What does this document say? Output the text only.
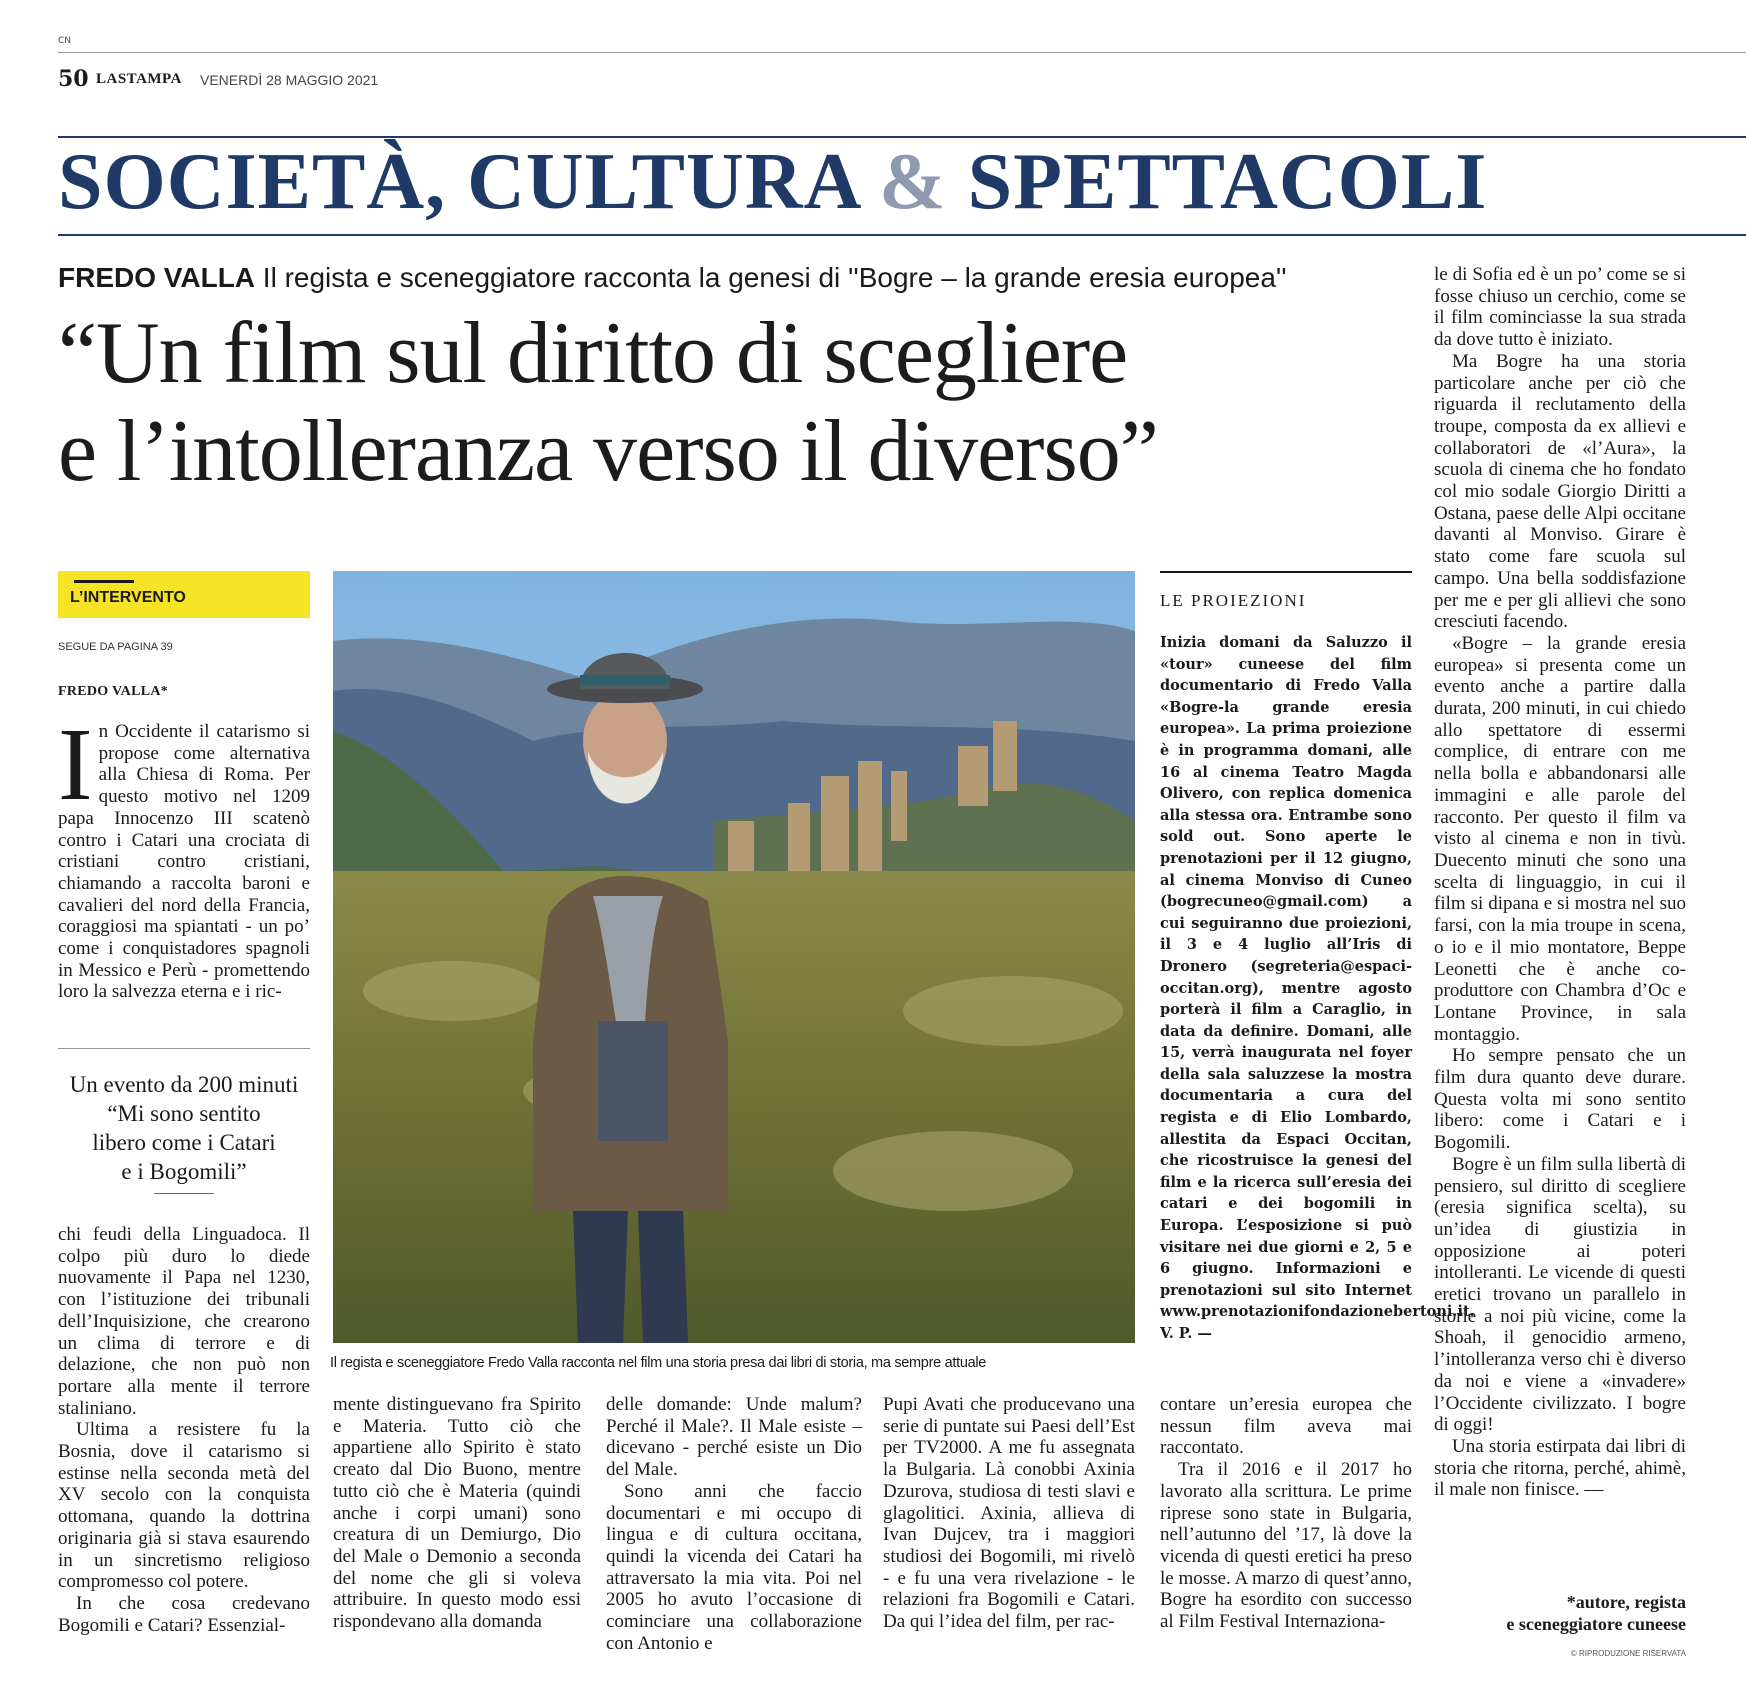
CN
50 LASTAMPA VENERDÌ 28 MAGGIO 2021
SOCIETÀ, CULTURA & SPETTACOLI
FREDO VALLA Il regista e sceneggiatore racconta la genesi di ''Bogre – la grande eresia europea''
“Un film sul diritto di scegliere
e l’intolleranza verso il diverso”
L’INTERVENTO
SEGUE DA PAGINA 39
FREDO VALLA*

In Occidente il catarismo si propose come alternativa alla Chiesa di Roma. Per questo motivo nel 1209 papa Innocenzo III scatenò contro i Catari una crociata di cristiani contro cristiani, chiamando a raccolta baroni e cavalieri del nord della Francia, coraggiosi ma spiantati - un po’ come i conquistadores spagnoli in Messico e Perù - promettendo loro la salvezza eterna e i ric-

Un evento da 200 minuti
“Mi sono sentito
libero come i Catari
e i Bogomili”

chi feudi della Linguadoca. Il colpo più duro lo diede nuovamente il Papa nel 1230, con l’istituzione dei tribunali dell’Inquisizione, che crearono un clima di terrore e di delazione, che non può non portare alla mente il terrore staliniano.

Ultima a resistere fu la Bosnia, dove il catarismo si estinse nella seconda metà del XV secolo con la conquista ottomana, quando la dottrina originaria già si stava esaurendo in un sincretismo religioso compromesso col potere.

In che cosa credevano Bogomili e Catari? Essenzial-

Il regista e sceneggiatore Fredo Valla racconta nel film una storia presa dai libri di storia, ma sempre attuale

mente distinguevano fra Spirito e Materia. Tutto ciò che appartiene allo Spirito è stato creato dal Dio Buono, mentre tutto ciò che è Materia (quindi anche i corpi umani) sono creatura di un Demiurgo, Dio del Male o Demonio a seconda del nome che gli si voleva attribuire. In questo modo essi rispondevano alla domanda

delle domande: Unde malum? Perché il Male?. Il Male esiste – dicevano - perché esiste un Dio del Male.

Sono anni che faccio documentari e mi occupo di lingua e di cultura occitana, quindi la vicenda dei Catari ha attraversato la mia vita. Poi nel 2005 ho avuto l’occasione di cominciare una collaborazione con Antonio e

Pupi Avati che producevano una serie di puntate sui Paesi dell’Est per TV2000. A me fu assegnata la Bulgaria. Là conobbi Axinia Dzurova, studiosa di testi slavi e glagolitici. Axinia, allieva di Ivan Dujcev, tra i maggiori studiosi dei Bogomili, mi rivelò - e fu una vera rivelazione - le relazioni fra Bogomili e Catari. Da qui l’idea del film, per rac-

contare un’eresia europea che nessun film aveva mai raccontato.

Tra il 2016 e il 2017 ho lavorato alla scrittura. Le prime riprese sono state in Bulgaria, nell’autunno del ’17, là dove la vicenda di questi eretici ha preso le mosse. A marzo di quest’anno, Bogre ha esordito con successo al Film Festival Internaziona-

LE PROIEZIONI
Inizia domani da Saluzzo il «tour» cuneese del film documentario di Fredo Valla «Bogre-la grande eresia europea». La prima proiezione è in programma domani, alle 16 al cinema Teatro Magda Olivero, con replica domenica alla stessa ora. Entrambe sono sold out. Sono aperte le prenotazioni per il 12 giugno, al cinema Monviso di Cuneo (bogrecuneo@gmail.com) a cui seguiranno due proiezioni, il 3 e 4 luglio all’Iris di Dronero (segreteria@espaci-occitan.org), mentre agosto porterà il film a Caraglio, in data da definire. Domani, alle 15, verrà inaugurata nel foyer della sala saluzzese la mostra documentaria a cura del regista e di Elio Lombardo, allestita da Espaci Occitan, che ricostruisce la genesi del film e la ricerca sull’eresia dei catari e dei bogomili in Europa. L’esposizione si può visitare nei due giorni e 2, 5 e 6 giugno. Informazioni e prenotazioni sul sito Internet www.prenotazionifondazionebertoni.it. V. P. —

le di Sofia ed è un po’ come se si fosse chiuso un cerchio, come se il film cominciasse la sua strada da dove tutto è iniziato.

Ma Bogre ha una storia particolare anche per ciò che riguarda il reclutamento della troupe, composta da ex allievi e collaboratori de «l’Aura», la scuola di cinema che ho fondato col mio sodale Giorgio Diritti a Ostana, paese delle Alpi occitane davanti al Monviso. Girare è stato come fare scuola sul campo. Una bella soddisfazione per me e per gli allievi che sono cresciuti facendo.

«Bogre – la grande eresia europea» si presenta come un evento anche a partire dalla durata, 200 minuti, in cui chiedo allo spettatore di essermi complice, di entrare con me nella bolla e abbandonarsi alle immagini e alle parole del racconto. Per questo il film va visto al cinema e non in tivù. Duecento minuti che sono una scelta di linguaggio, in cui il film si dipana e si mostra nel suo farsi, con la mia troupe in scena, o io e il mio montatore, Beppe Leonetti che è anche co-produttore con Chambra d’Oc e Lontane Province, in sala montaggio.

Ho sempre pensato che un film dura quanto deve durare. Questa volta mi sono sentito libero: come i Catari e i Bogomili.

Bogre è un film sulla libertà di pensiero, sul diritto di scegliere (eresia significa scelta), su un’idea di giustizia in opposizione ai poteri intolleranti. Le vicende di questi eretici trovano un parallelo in storie a noi più vicine, come la Shoah, il genocidio armeno, l’intolleranza verso chi è diverso da noi e viene a «invadere» l’Occidente civilizzato. I bogre di oggi!

Una storia estirpata dai libri di storia che ritorna, perché, ahimè, il male non finisce. —

*autore, regista
e sceneggiatore cuneese
© RIPRODUZIONE RISERVATA
